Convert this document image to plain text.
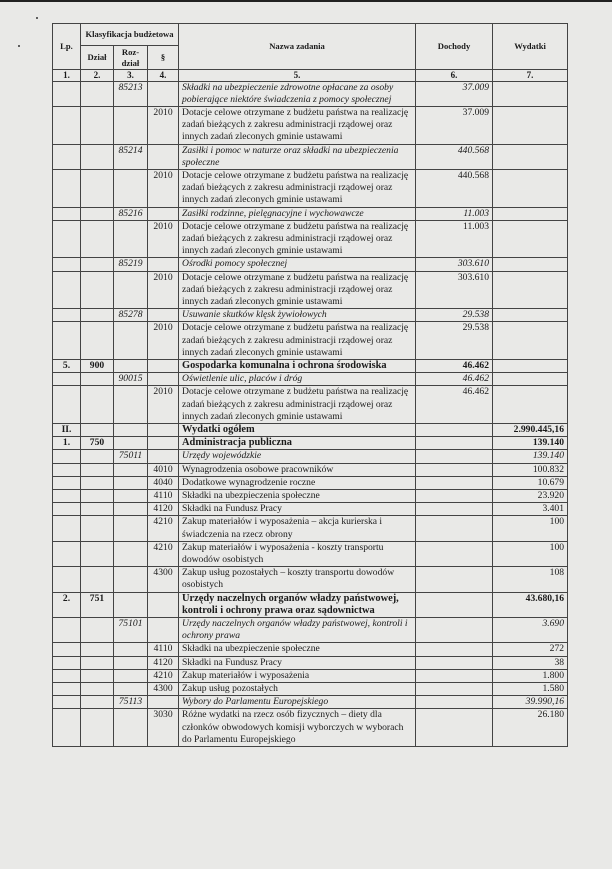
Lp.	Klasyfikacja budżetowa			Nazwa zadania	Dochody	Wydatki
	Dział	Roz- dział	§			
1.	2.	3.	4.	5.	6.	7.
		85213		Składki na ubezpieczenie zdrowotne opłacane za osoby pobierające niektóre świadczenia z pomocy społecznej	37.009	
			2010	Dotacje celowe otrzymane z budżetu państwa na realizację zadań bieżących z zakresu administracji rządowej oraz innych zadań zleconych gminie ustawami	37.009	
		85214		Zasiłki i pomoc w naturze oraz składki na ubezpieczenia społeczne	440.568	
			2010	Dotacje celowe otrzymane z budżetu państwa na realizację zadań bieżących z zakresu administracji rządowej oraz innych zadań zleconych gminie ustawami	440.568	
		85216		Zasiłki rodzinne, pielęgnacyjne i wychowawcze	11.003	
			2010	Dotacje celowe otrzymane z budżetu państwa na realizację zadań bieżących z zakresu administracji rządowej oraz innych zadań zleconych gminie ustawami	11.003	
		85219		Ośrodki pomocy społecznej	303.610	
			2010	Dotacje celowe otrzymane z budżetu państwa na realizację zadań bieżących z zakresu administracji rządowej oraz innych zadań zleconych gminie ustawami	303.610	
		85278		Usuwanie skutków klęsk żywiołowych	29.538	
			2010	Dotacje celowe otrzymane z budżetu państwa na realizację zadań bieżących z zakresu administracji rządowej oraz innych zadań zleconych gminie ustawami	29.538	
5.	900			Gospodarka komunalna i ochrona środowiska	46.462	
		90015		Oświetlenie ulic, placów i dróg	46.462	
			2010	Dotacje celowe otrzymane z budżetu państwa na realizację zadań bieżących z zakresu administracji rządowej oraz innych zadań zleconych gminie ustawami	46.462	
II.				Wydatki ogółem		2.990.445,16
1.	750			Administracja publiczna		139.140
		75011		Urzędy wojewódzkie		139.140
			4010	Wynagrodzenia osobowe pracowników		100.832
			4040	Dodatkowe wynagrodzenie roczne		10.679
			4110	Składki na ubezpieczenia społeczne		23.920
			4120	Składki na Fundusz Pracy		3.401
			4210	Zakup materiałów i wyposażenia – akcja kurierska i świadczenia na rzecz obrony		100
			4210	Zakup materiałów i wyposażenia - koszty transportu dowodów osobistych		100
			4300	Zakup usług pozostałych – koszty transportu dowodów osobistych		108
2.	751			Urzędy naczelnych organów władzy państwowej, kontroli i ochrony prawa oraz sądownictwa		43.680,16
		75101		Urzędy naczelnych organów władzy państwowej, kontroli i ochrony prawa		3.690
			4110	Składki na ubezpieczenie społeczne		272
			4120	Składki na Fundusz Pracy		38
			4210	Zakup materiałów i wyposażenia		1.800
			4300	Zakup usług pozostałych		1.580
		75113		Wybory do Parlamentu Europejskiego		39.990,16
			3030	Różne wydatki na rzecz osób fizycznych – diety dla członków obwodowych komisji wyborczych w wyborach do Parlamentu Europejskiego		26.180
